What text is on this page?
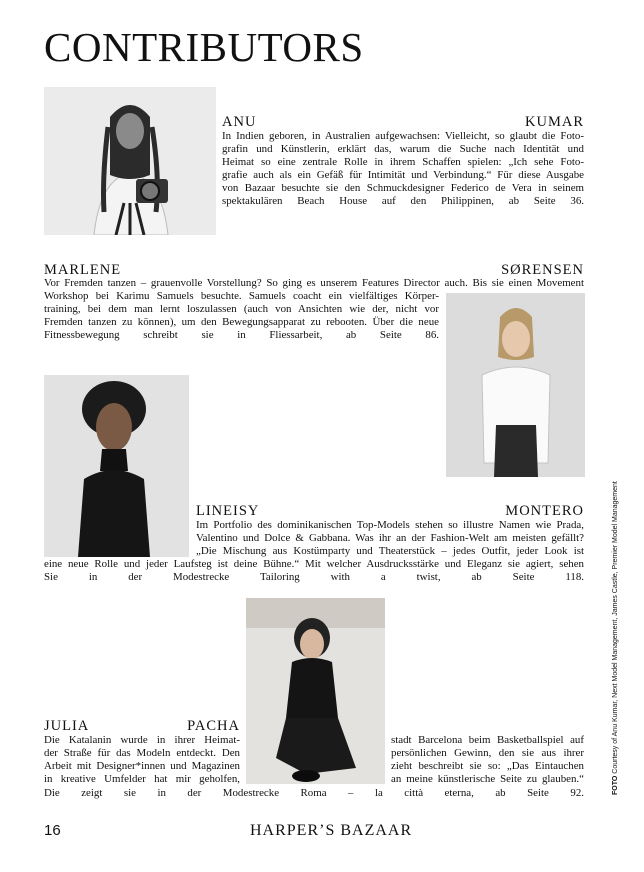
CONTRIBUTORS
ANU	KUMAR
In Indien geboren, in Australien aufgewachsen: Vielleicht, so glaubt die Foto-
grafin und Künstlerin, erklärt das, warum die Suche nach Identität und
Heimat so eine zentrale Rolle in ihrem Schaffen spielen: „Ich sehe Foto-
grafie auch als ein Gefäß für Intimität und Verbindung.“ Für diese Ausgabe
von Bazaar besuchte sie den Schmuckdesigner Federico de Vera in seinem
spektakulären Beach House auf den Philippinen, ab Seite 36.
MARLENE	SØRENSEN
Vor Fremden tanzen – grauenvolle Vorstellung? So ging es unserem Features Director auch. Bis sie einen Movement
Workshop bei Karimu Samuels besuchte. Samuels coacht ein vielfältiges Körper-
training, bei dem man lernt loszulassen (auch von Ansichten wie der, nicht vor
Fremden tanzen zu können), um den Bewegungsapparat zu rebooten. Über die neue
Fitnessbewegung schreibt sie in Fliessarbeit, ab Seite 86.
LINEISY	MONTERO
Im Portfolio des dominikanischen Top-Models stehen so illustre Namen wie Prada,
Valentino und Dolce & Gabbana. Was ihr an der Fashion-Welt am meisten gefällt?
„Die Mischung aus Kostümparty und Theaterstück – jedes Outfit, jeder Look ist
eine neue Rolle und jeder Laufsteg ist deine Bühne.“ Mit welcher Ausdrucksstärke und Eleganz sie agiert, sehen
Sie in der Modestrecke Tailoring with a twist, ab Seite 118.
JULIA	PACHA
Die Katalanin wurde in ihrer Heimat-
der Straße für das Modeln entdeckt. Den
Arbeit mit Designer*innen und Magazinen
in kreative Umfelder hat mir geholfen,
stadt Barcelona beim Basketballspiel auf
persönlichen Gewinn, den sie aus ihrer
zieht beschreibt sie so: „Das Eintauchen
an meine künstlerische Seite zu glauben.“
Die zeigt sie in der Modestrecke Roma – la città eterna, ab Seite 92.	FOTO Courtesy of Anu Kumar, Next Model Management, James Castle, Premier Model Management
16	HARPER’S BAZAAR
